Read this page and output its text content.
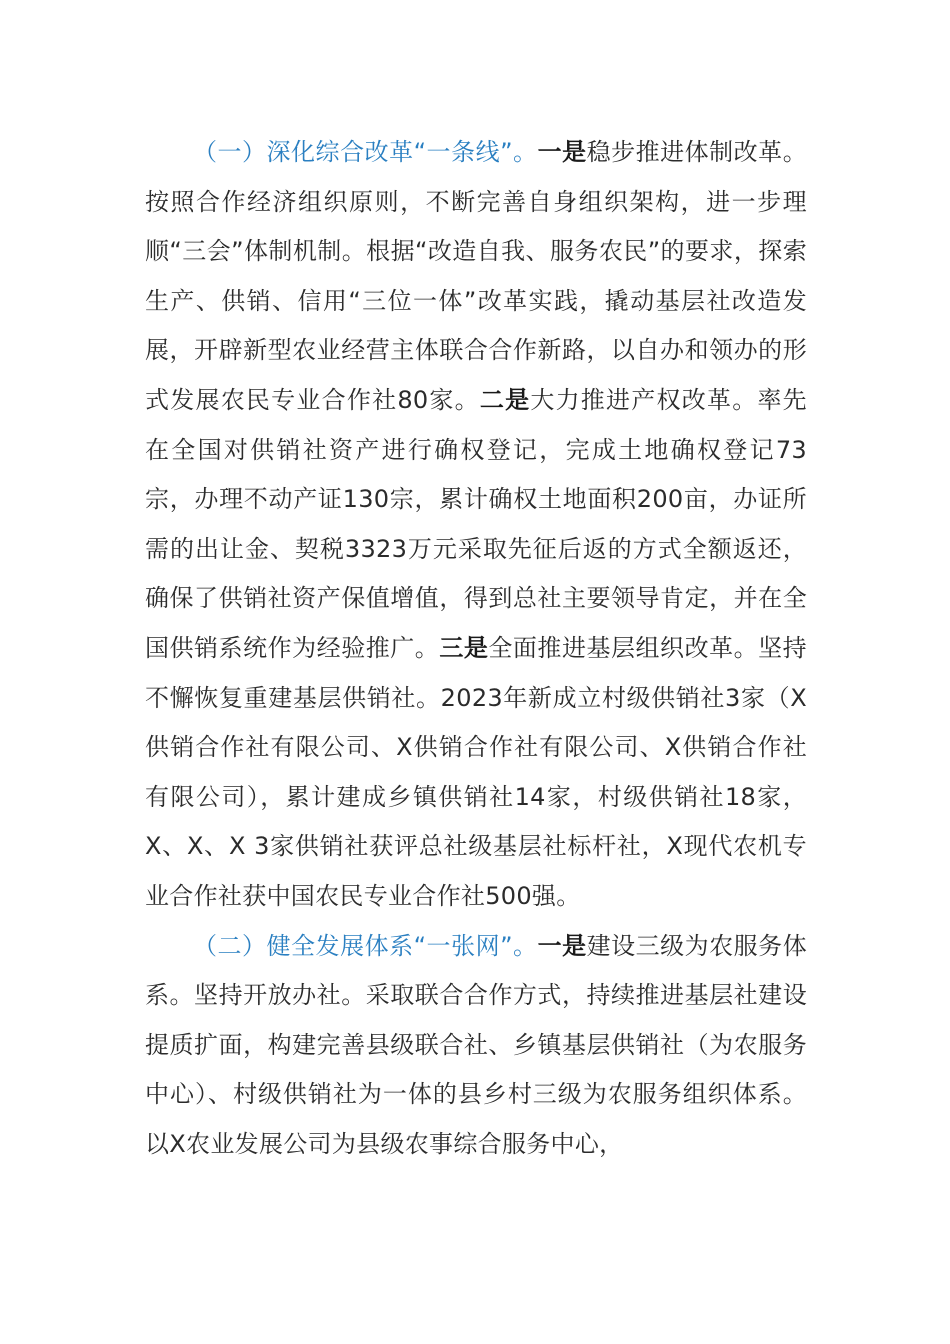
（一）深化综合改革“一条线”。一是稳步推进体制改革。按照合作经济组织原则，不断完善自身组织架构，进一步理顺“三会”体制机制。根据“改造自我、服务农民”的要求，探索生产、供销、信用“三位一体”改革实践，撬动基层社改造发展，开辟新型农业经营主体联合合作新路，以自办和领办的形式发展农民专业合作社80家。二是大力推进产权改革。率先在全国对供销社资产进行确权登记，完成土地确权登记73宗，办理不动产证130宗，累计确权土地面积200亩，办证所需的出让金、契税3323万元采取先征后返的方式全额返还，确保了供销社资产保值增值，得到总社主要领导肯定，并在全国供销系统作为经验推广。三是全面推进基层组织改革。坚持不懈恢复重建基层供销社。2023年新成立村级供销社3家（X供销合作社有限公司、X供销合作社有限公司、X供销合作社有限公司），累计建成乡镇供销社14家，村级供销社18家，X、X、X 3家供销社获评总社级基层社标杆社，X现代农机专业合作社获中国农民专业合作社500强。

（二）健全发展体系“一张网”。一是建设三级为农服务体系。坚持开放办社。采取联合合作方式，持续推进基层社建设提质扩面，构建完善县级联合社、乡镇基层供销社（为农服务中心）、村级供销社为一体的县乡村三级为农服务组织体系。以X农业发展公司为县级农事综合服务中心，
